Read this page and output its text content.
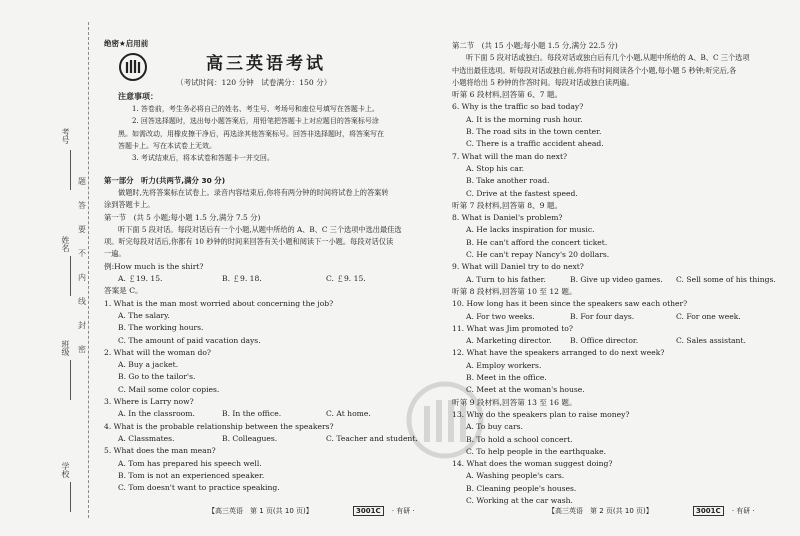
考号
姓名
班级
学校
题
答
要
不
内
线
封
密

绝密★启用前

高三英语考试

（考试时间：120 分钟　试卷满分：150 分）

注意事项：

1. 答卷前，考生务必将自己的姓名、考生号、考场号和座位号填写在答题卡上。

2. 回答选择题时，选出每小题答案后，用铅笔把答题卡上对应题目的答案标号涂

黑。如需改动，用橡皮擦干净后，再选涂其他答案标号。回答非选择题时，将答案写在

答题卡上。写在本试卷上无效。

3. 考试结束后，将本试卷和答题卡一并交回。

第一部分　听力(共两节,满分 30 分)

做题时,先将答案标在试卷上。录音内容结束后,你将有两分钟的时间将试卷上的答案转

涂到答题卡上。

第一节　(共 5 小题;每小题 1.5 分,满分 7.5 分)

听下面 5 段对话。每段对话后有一个小题,从题中所给的 A、B、C 三个选项中选出最佳选

项。听完每段对话后,你都有 10 秒钟的时间来回答有关小题和阅读下一小题。每段对话仅读

一遍。

例:How much is the shirt?

A. ￡19. 15.	B. ￡9. 18.	C. ￡9. 15.

答案是 C。

1. What is the man most worried about concerning the job?

A. The salary.

B. The working hours.

C. The amount of paid vacation days.

2. What will the woman do?

A. Buy a jacket.

B. Go to the tailor's.

C. Mail some color copies.

3. Where is Larry now?

A. In the classroom.	B. In the office.	C. At home.

4. What is the probable relationship between the speakers?

A. Classmates.	B. Colleagues.	C. Teacher and student.

5. What does the man mean?

A. Tom has prepared his speech well.

B. Tom is not an experienced speaker.

C. Tom doesn't want to practice speaking.

【高三英语　第 1 页(共 10 页)】	3001C · 有研 ·

第二节　(共 15 小题;每小题 1.5 分,满分 22.5 分)

听下面 5 段对话或独白。每段对话或独白后有几个小题,从题中所给的 A、B、C 三个选项

中选出最佳选项。听每段对话或独白前,你将有时间阅读各个小题,每小题 5 秒钟;听完后,各

小题将给出 5 秒钟的作答时间。每段对话或独白读两遍。

听第 6 段材料,回答第 6、7 题。

6. Why is the traffic so bad today?

A. It is the morning rush hour.

B. The road sits in the town center.

C. There is a traffic accident ahead.

7. What will the man do next?

A. Stop his car.

B. Take another road.

C. Drive at the fastest speed.

听第 7 段材料,回答第 8、9 题。

8. What is Daniel's problem?

A. He lacks inspiration for music.

B. He can't afford the concert ticket.

C. He can't repay Nancy's 20 dollars.

9. What will Daniel try to do next?

A. Turn to his father.	B. Give up video games.	C. Sell some of his things.

听第 8 段材料,回答第 10 至 12 题。

10. How long has it been since the speakers saw each other?

A. For two weeks.	B. For four days.	C. For one week.

11. What was Jim promoted to?

A. Marketing director.	B. Office director.	C. Sales assistant.

12. What have the speakers arranged to do next week?

A. Employ workers.

B. Meet in the office.

C. Meet at the woman's house.

听第 9 段材料,回答第 13 至 16 题。

13. Why do the speakers plan to raise money?

A. To buy cars.

B. To hold a school concert.

C. To help people in the earthquake.

14. What does the woman suggest doing?

A. Washing people's cars.

B. Cleaning people's houses.

C. Working at the car wash.

【高三英语　第 2 页(共 10 页)】	3001C · 有研 ·
